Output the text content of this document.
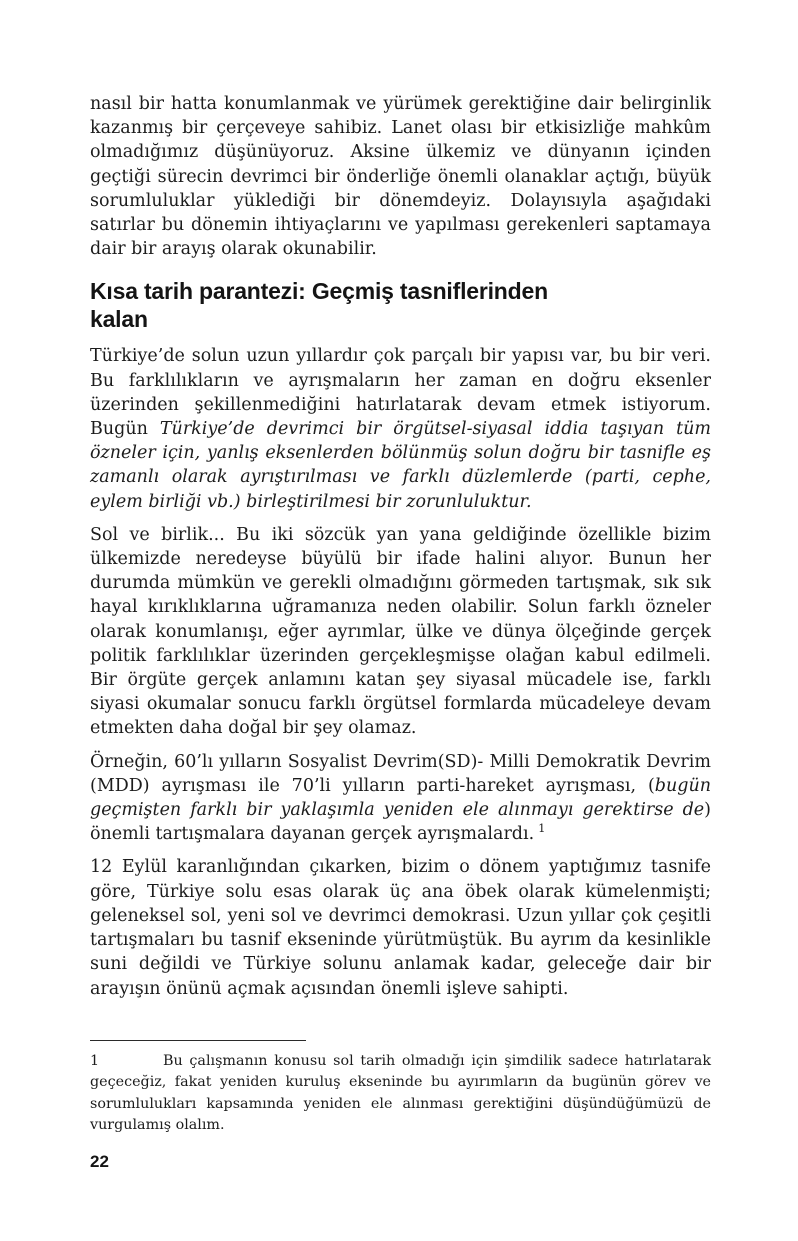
nasıl bir hatta konumlanmak ve yürümek gerektiğine dair belirginlik kazanmış bir çerçeveye sahibiz. Lanet olası bir etkisizliğe mahkûm olmadığımız düşünüyoruz. Aksine ülkemiz ve dünyanın içinden geçtiği sürecin devrimci bir önderliğe önemli olanaklar açtığı, büyük sorumluluklar yüklediği bir dönemdeyiz. Dolayısıyla aşağıdaki satırlar bu dönemin ihtiyaçlarını ve yapılması gerekenleri saptamaya dair bir arayış olarak okunabilir.

Kısa tarih parantezi: Geçmiş tasniflerinden
kalan

Türkiye’de solun uzun yıllardır çok parçalı bir yapısı var, bu bir veri. Bu farklılıkların ve ayrışmaların her zaman en doğru eksenler üzerinden şekillenmediğini hatırlatarak devam etmek istiyorum. Bugün Türkiye’de devrimci bir örgütsel-siyasal iddia taşıyan tüm özneler için, yanlış eksenlerden bölünmüş solun doğru bir tasnifle eş zamanlı olarak ayrıştırılması ve farklı düzlemlerde (parti, cephe, eylem birliği vb.) birleştirilmesi bir zorunluluktur.

Sol ve birlik... Bu iki sözcük yan yana geldiğinde özellikle bizim ülkemizde neredeyse büyülü bir ifade halini alıyor. Bunun her durumda mümkün ve gerekli olmadığını görmeden tartışmak, sık sık hayal kırıklıklarına uğramanıza neden olabilir. Solun farklı özneler olarak konumlanışı, eğer ayrımlar, ülke ve dünya ölçeğinde gerçek politik farklılıklar üzerinden gerçekleşmişse olağan kabul edilmeli. Bir örgüte gerçek anlamını katan şey siyasal mücadele ise, farklı siyasi okumalar sonucu farklı örgütsel formlarda mücadeleye devam etmekten daha doğal bir şey olamaz.

Örneğin, 60’lı yılların Sosyalist Devrim(SD)- Milli Demokratik Devrim (MDD) ayrışması ile 70’li yılların parti-hareket ayrışması, (bugün geçmişten farklı bir yaklaşımla yeniden ele alınmayı gerektirse de) önemli tartışmalara dayanan gerçek ayrışmalardı. $^1$

12 Eylül karanlığından çıkarken, bizim o dönem yaptığımız tasnife göre, Türkiye solu esas olarak üç ana öbek olarak kümelenmişti; geleneksel sol, yeni sol ve devrimci demokrasi. Uzun yıllar çok çeşitli tartışmaları bu tasnif ekseninde yürütmüştük. Bu ayrım da kesinlikle suni değildi ve Türkiye solunu anlamak kadar, geleceğe dair bir arayışın önünü açmak açısından önemli işleve sahipti.

1	Bu çalışmanın konusu sol tarih olmadığı için şimdilik sadece hatırlatarak geçeceğiz, fakat yeniden kuruluş ekseninde bu ayırımların da bugünün görev ve sorumlulukları kapsamında yeniden ele alınması gerektiğini düşündüğümüzü de vurgulamış olalım.

22
